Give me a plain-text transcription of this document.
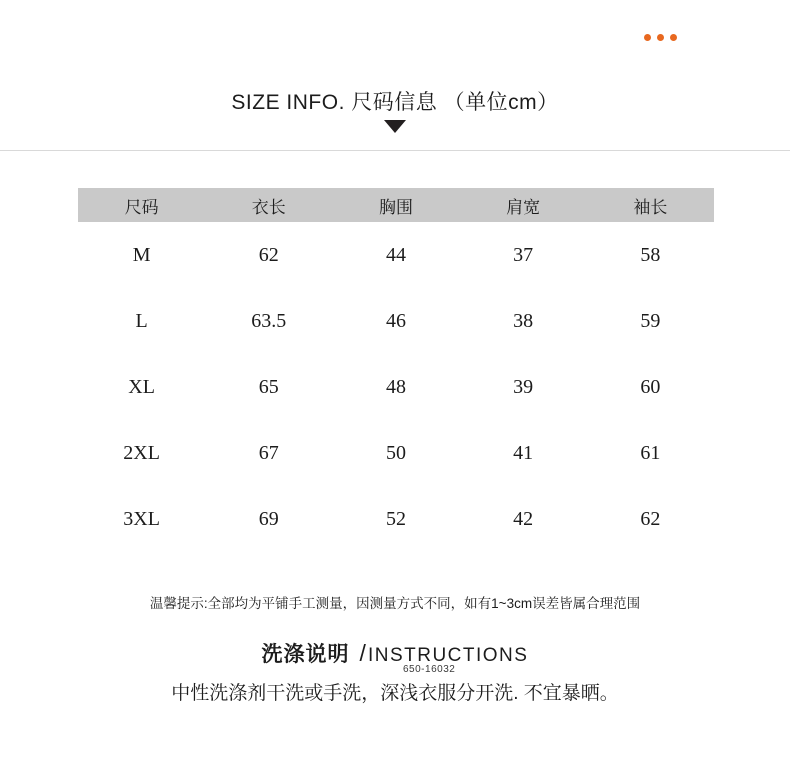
SIZE INFO. 尺码信息 （单位cm）
尺码	衣长	胸围	肩宽	袖长
M	62	44	37	58
L	63.5	46	38	59
XL	65	48	39	60
2XL	67	50	41	61
3XL	69	52	42	62
温馨提示:全部均为平铺手工测量，因测量方式不同，如有1~3cm误差皆属合理范围
洗涤说明 / INSTRUCTIONS
650-16032
中性洗涤剂干洗或手洗，深浅衣服分开洗. 不宜暴晒。
